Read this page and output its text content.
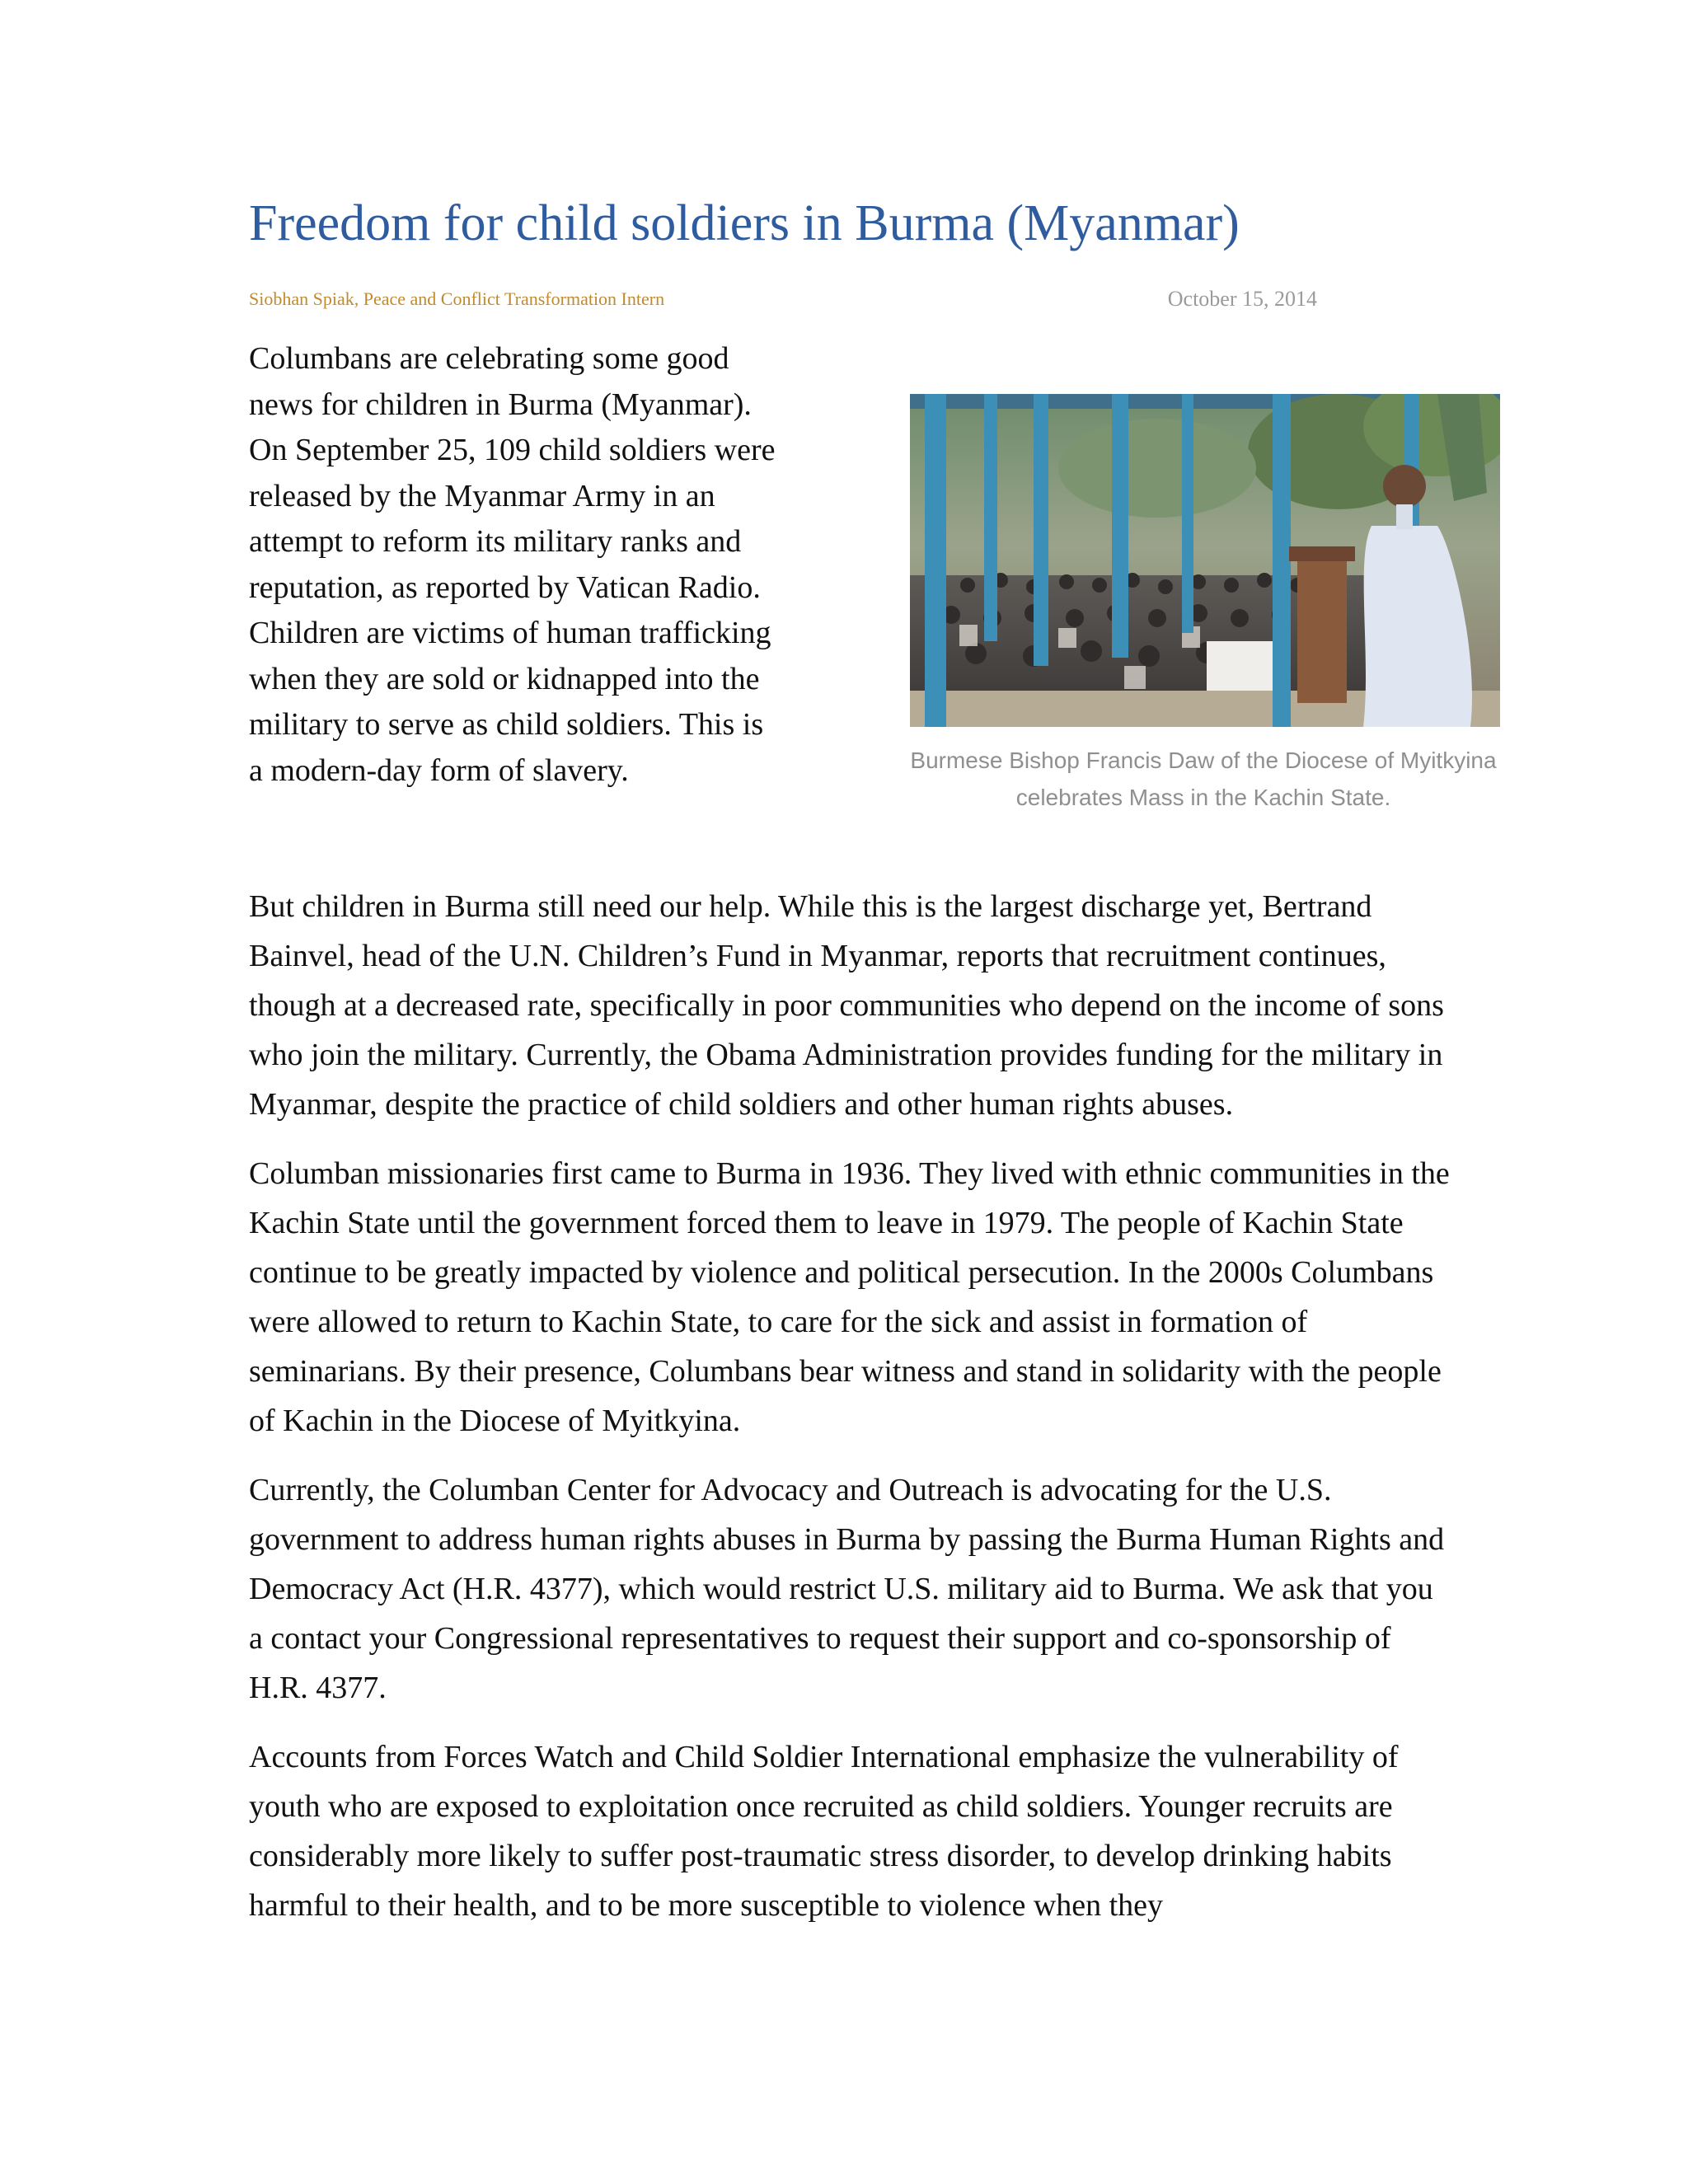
Freedom for child soldiers in Burma (Myanmar)
Siobhan Spiak, Peace and Conflict Transformation Intern	October 15, 2014

Columbans are celebrating some good news for children in Burma (Myanmar). On September 25, 109 child soldiers were released by the Myanmar Army in an attempt to reform its military ranks and reputation, as reported by Vatican Radio. Children are victims of human trafficking when they are sold or kidnapped into the military to serve as child soldiers. This is a modern-day form of slavery.	Burmese Bishop Francis Daw of the Diocese of Myitkyina celebrates Mass in the Kachin State.

But children in Burma still need our help. While this is the largest discharge yet, Bertrand Bainvel, head of the U.N. Children’s Fund in Myanmar, reports that recruitment continues, though at a decreased rate, specifically in poor communities who depend on the income of sons who join the military. Currently, the Obama Administration provides funding for the military in Myanmar, despite the practice of child soldiers and other human rights abuses.

Columban missionaries first came to Burma in 1936. They lived with ethnic communities in the Kachin State until the government forced them to leave in 1979. The people of Kachin State continue to be greatly impacted by violence and political persecution. In the 2000s Columbans were allowed to return to Kachin State, to care for the sick and assist in formation of seminarians. By their presence, Columbans bear witness and stand in solidarity with the people of Kachin in the Diocese of Myitkyina.

Currently, the Columban Center for Advocacy and Outreach is advocating for the U.S. government to address human rights abuses in Burma by passing the Burma Human Rights and Democracy Act (H.R. 4377), which would restrict U.S. military aid to Burma. We ask that you a contact your Congressional representatives to request their support and co-sponsorship of H.R. 4377.

Accounts from Forces Watch and Child Soldier International emphasize the vulnerability of youth who are exposed to exploitation once recruited as child soldiers. Younger recruits are considerably more likely to suffer post-traumatic stress disorder, to develop drinking habits harmful to their health, and to be more susceptible to violence when they
